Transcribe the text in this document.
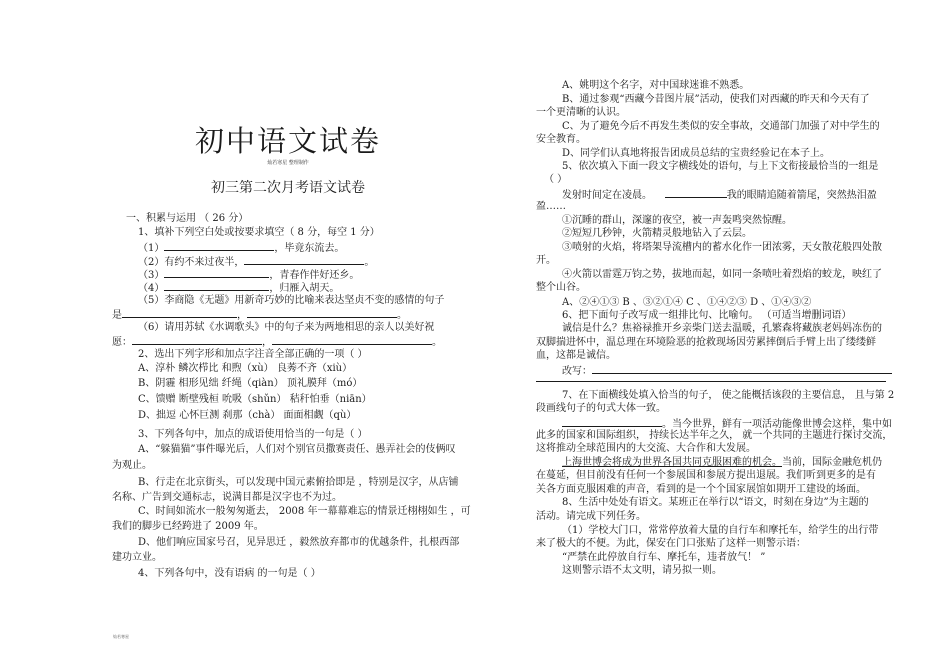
初中语文试卷
灿若寒星 整理制作
初三第二次月考语文试卷
一、积累与运用 （ 26 分）
1、填补下列空白处或按要求填空（ 8 分，每空 1 分）
（1）	，毕竟东流去。
（2）有约不来过夜半，	。
（3）	，青春作伴好还乡。
（4）	，归雁入胡天。
（5）李商隐《无题》用新奇巧妙的比喻来表达坚贞不变的感情的句子
是	，	。
（6）请用苏轼《水调歌头》中的句子来为两地相思的亲人以美好祝
愿：	，	。
2、选出下列字形和加点字注音全部正确的一项（ ）
A、淳朴 鳞次栉比 和煦（xù） 良莠不齐（xiù）
B、阴霾 相形见绌 纤绳（qiàn） 顶礼膜拜（mó）
C、馈赠 断壁残桓 吮吸（shǔn） 秸秆怕垂（niān）
D、拙逗 心怀巨测 刹那（chà） 面面相觑（qù）
3、下列各句中，加点的成语使用恰当的一句是（ ）
A、“躲猫猫”事件曝光后，人们对个别官员撒赛责任、愚弄社会的伎俩叹
为观止。
B、行走在北京街头，可以发现中国元素俯拾即是 ，特别是汉字，从店铺
名称、广告到交通标志，说满目都是汉字也不为过。
C、时间如流水一般匆匆逝去， 2008 年一幕幕难忘的情景迁栩栩如生 ，可
我们的脚步已经跨进了 2009 年。
D、他们响应国家号召，见异思迁 ，毅然放弃都市的优越条件，扎根西部
建功立业。
4、下列各句中，没有语病 的一句是（ ）
A、姚明这个名字，对中国球迷谁不熟悉。
B、通过参观“西藏今昔图片展”活动，使我们对西藏的昨天和今天有了
一个更清晰的认识。
C、为了避免今后不再发生类似的安全事故，交通部门加强了对中学生的
安全教育。
D、同学们认真地将报告团成员总结的宝贵经验记在本子上。
5、依次填入下面一段文字横线处的语句，与上下文衔接最恰当的一组是
（ ）
发射时间定在凌晨。	我的眼睛追随着箭尾，突然热泪盈
盈……
①沉睡的群山，深邃的夜空，被一声轰鸣突然惊醒。
②短短几秒钟，火箭精灵般地钻入了云层。
③喷射的火焰，将塔架导流槽内的蓄水化作一团浓雾，天女散花般四处散
开。
④火箭以雷霆万钧之势，拔地而起，如同一条喷吐着烈焰的蛟龙，映红了
整个山谷。
A、②④①③ B 、③②①④ C 、①④②③ D 、①④③②
6、把下面句子改写成一组排比句、比喻句。 （可适当增删词语）
诚信是什么？焦裕禄推开乡亲柴门送去温暖，孔繁森将藏族老妈妈冻伤的
双脚揣进怀中，温总理在环境险恶的抢救现场因劳累摔倒后手臂上出了缕缕鲜
血，这都是诚信。
改写：
7、在下面横线处填入恰当的句子， 使之能概括该段的主要信息， 且与第 2
段画线句子的句式大体一致。
。当今世界，鲜有一项活动能像世博会这样，集中如
此多的国家和国际组织， 持续长达半年之久， 就一个共同的主题进行探讨交流，
这将推动全球范围内的大交流、大合作和大发展。
上海世博会将成为世界各国共同克服困难的机会。当前，国际金融危机仍
在蔓延，但目前没有任何一个参展国和参展方提出退展。我们听到更多的是有
关各方面克服困难的声音，看到的是一个个国家展馆如期开工建设的场面。
8、生活中处处有语文。某班正在举行以“语文，时刻在身边”为主题的
活动。请完成下列任务。
（1）学校大门口，常常停放着大量的自行车和摩托车，给学生的出行带
来了极大的不便。为此，保安在门口张贴了这样一则警示语：
“严禁在此停放自行车、摩托车，违者放气！ ”
这则警示语不太文明，请另拟一则。
灿若寒星
